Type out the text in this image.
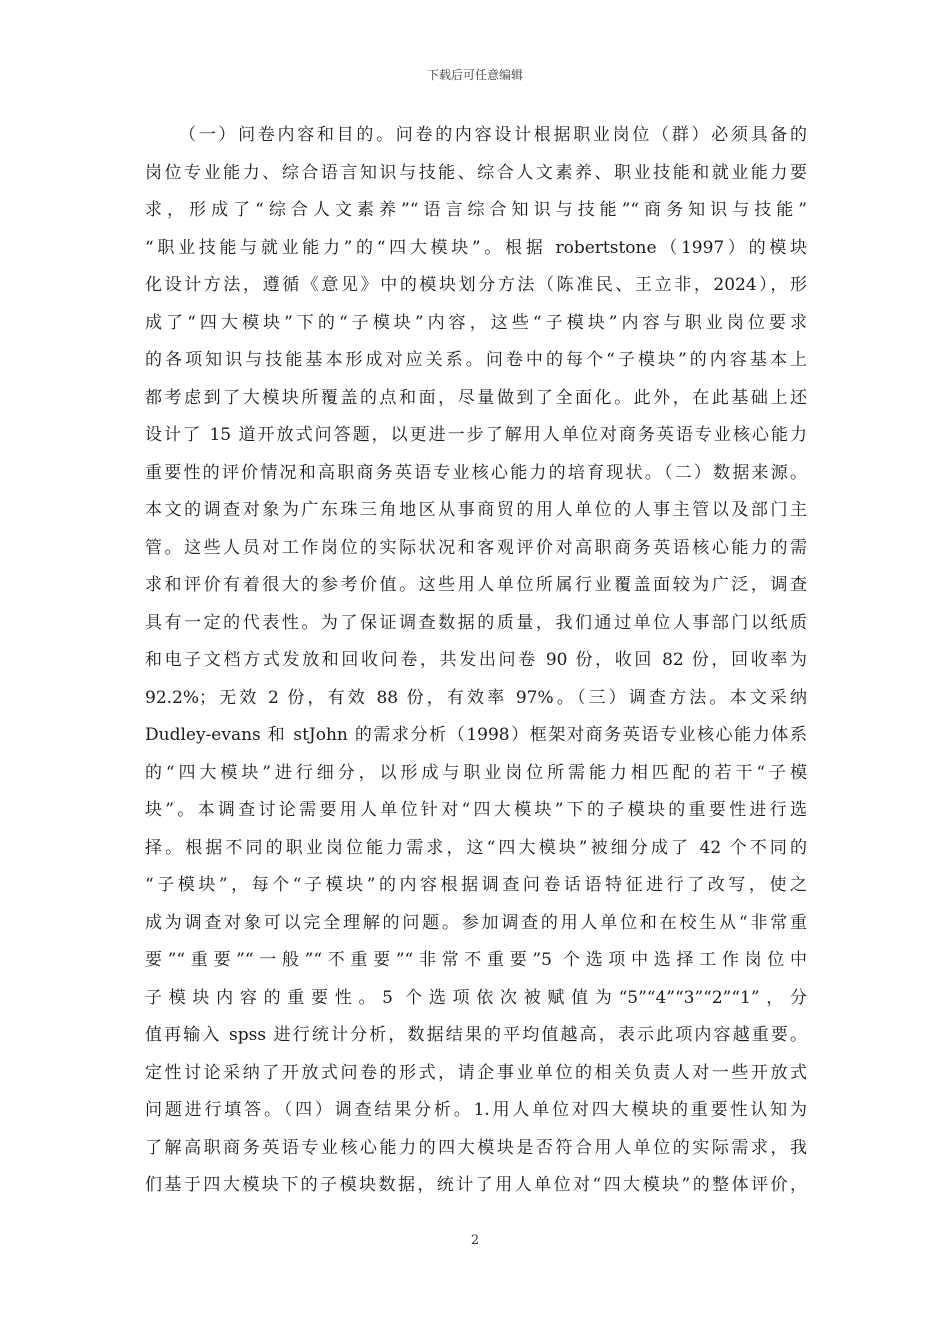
下载后可任意编辑
（一）问卷内容和目的。问卷的内容设计根据职业岗位（群）必须具备的
岗位专业能力、综合语言知识与技能、综合人文素养、职业技能和就业能力要
求，形成了“综合人文素养”“语言综合知识与技能”“商务知识与技能”
“职业技能与就业能力”的“四大模块”。根据 robertstone（1997）的模块
化设计方法，遵循《意见》中的模块划分方法（陈准民、王立非，2024），形
成了“四大模块”下的“子模块”内容，这些“子模块”内容与职业岗位要求
的各项知识与技能基本形成对应关系。问卷中的每个“子模块”的内容基本上
都考虑到了大模块所覆盖的点和面，尽量做到了全面化。此外，在此基础上还
设计了 15 道开放式问答题，以更进一步了解用人单位对商务英语专业核心能力
重要性的评价情况和高职商务英语专业核心能力的培育现状。（二）数据来源。
本文的调查对象为广东珠三角地区从事商贸的用人单位的人事主管以及部门主
管。这些人员对工作岗位的实际状况和客观评价对高职商务英语核心能力的需
求和评价有着很大的参考价值。这些用人单位所属行业覆盖面较为广泛，调查
具有一定的代表性。为了保证调查数据的质量，我们通过单位人事部门以纸质
和电子文档方式发放和回收问卷，共发出问卷 90 份，收回 82 份，回收率为
92.2%；无效 2 份，有效 88 份，有效率 97%。（三）调查方法。本文采纳
Dudley-evans 和 stJohn 的需求分析（1998）框架对商务英语专业核心能力体系
的“四大模块”进行细分，以形成与职业岗位所需能力相匹配的若干“子模
块”。本调查讨论需要用人单位针对“四大模块”下的子模块的重要性进行选
择。根据不同的职业岗位能力需求，这“四大模块”被细分成了 42 个不同的
“子模块”，每个“子模块”的内容根据调查问卷话语特征进行了改写，使之
成为调查对象可以完全理解的问题。参加调查的用人单位和在校生从“非常重
要”“重要”“一般”“不重要”“非常不重要”5 个选项中选择工作岗位中
子模块内容的重要性。5 个选项依次被赋值为“5”“4”“3”“2”“1”，分
值再输入 spss 进行统计分析，数据结果的平均值越高，表示此项内容越重要。
定性讨论采纳了开放式问卷的形式，请企事业单位的相关负责人对一些开放式
问题进行填答。（四）调查结果分析。1.用人单位对四大模块的重要性认知为
了解高职商务英语专业核心能力的四大模块是否符合用人单位的实际需求，我
们基于四大模块下的子模块数据，统计了用人单位对“四大模块”的整体评价，
2
